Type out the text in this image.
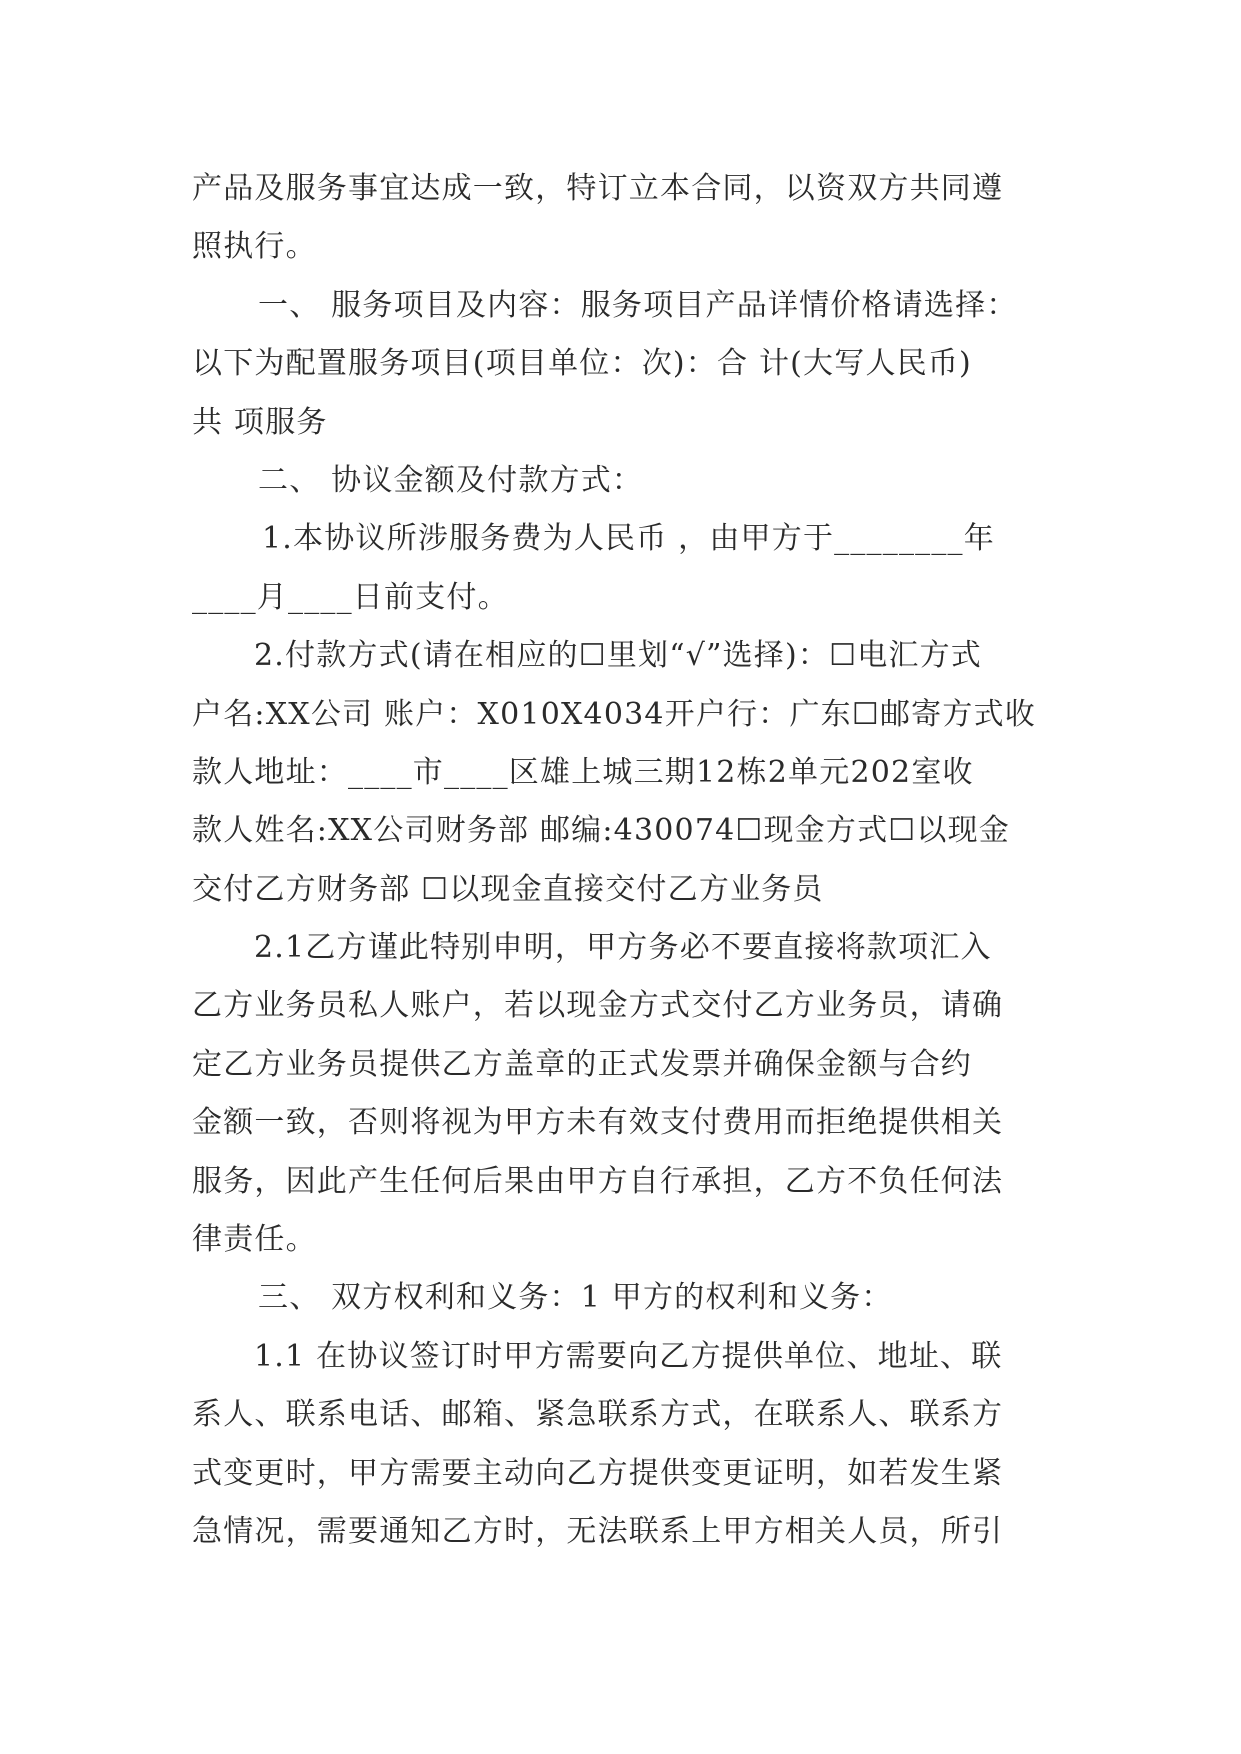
产品及服务事宜达成一致，特订立本合同，以资双方共同遵
照执行。
一、 服务项目及内容：服务项目产品详情价格请选择：
以下为配置服务项目(项目单位：次)：合 计(大写人民币)
共 项服务
二、 协议金额及付款方式：
1.本协议所涉服务费为人民币 ，由甲方于________年
____月____日前支付。
2.付款方式(请在相应的☐里划“√”选择)：☐电汇方式
户名:XX公司 账户：X010X4034开户行：广东☐邮寄方式收
款人地址：____市____区雄上城三期12栋2单元202室收
款人姓名:XX公司财务部 邮编:430074☐现金方式☐以现金
交付乙方财务部 ☐以现金直接交付乙方业务员
2.1乙方谨此特别申明，甲方务必不要直接将款项汇入
乙方业务员私人账户，若以现金方式交付乙方业务员，请确
定乙方业务员提供乙方盖章的正式发票并确保金额与合约
金额一致，否则将视为甲方未有效支付费用而拒绝提供相关
服务，因此产生任何后果由甲方自行承担，乙方不负任何法
律责任。
三、 双方权利和义务：1 甲方的权利和义务：
1.1 在协议签订时甲方需要向乙方提供单位、地址、联
系人、联系电话、邮箱、紧急联系方式，在联系人、联系方
式变更时，甲方需要主动向乙方提供变更证明，如若发生紧
急情况，需要通知乙方时，无法联系上甲方相关人员，所引
